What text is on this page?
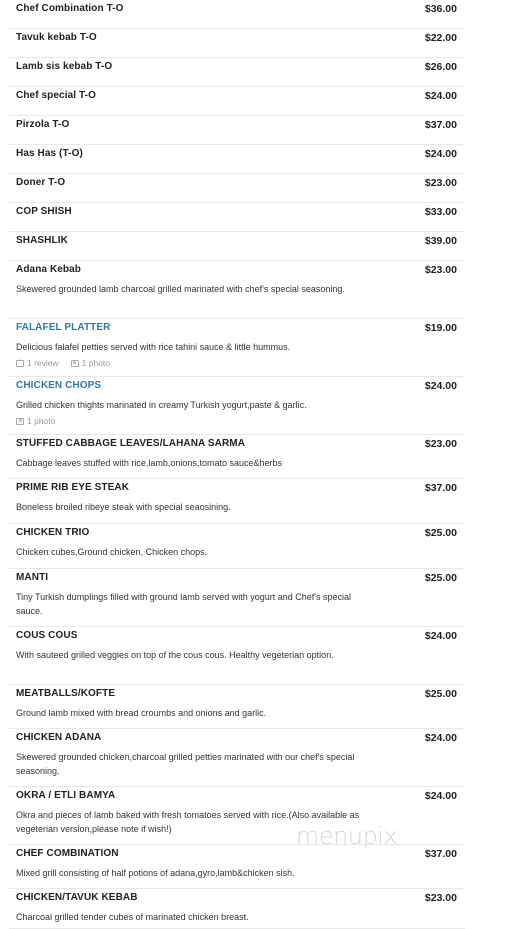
Chef Combination T-O	$36.00
Tavuk kebab T-O	$22.00
Lamb sis kebab T-O	$26.00
Chef special T-O	$24.00
Pirzola T-O	$37.00
Has Has (T-O)	$24.00
Doner T-O	$23.00
COP SHISH	$33.00
SHASHLIK	$39.00
Adana Kebab	$23.00
Skewered grounded lamb charcoal grilled marinated with chef's special seasoning.
FALAFEL PLATTER	$19.00
Delicious falafel petties served with rice tahini sauce & little hummus.
+
1 review	1 photo
CHICKEN CHOPS	$24.00
Grilled chicken thights marinated in creamy Turkish yogurt,paste & garlic.
1 photo
STUFFED CABBAGE LEAVES/LAHANA SARMA	$23.00
Cabbage leaves stuffed with rice,lamb,onions,tomato sauce&herbs
PRIME RIB EYE STEAK	$37.00
Boneless broiled ribeye steak with special seaosining.
CHICKEN TRIO	$25.00
Chicken cubes,Ground chicken, Chicken chops.
MANTI	$25.00
Tiny Turkish dumplings filled with ground lamb served with yogurt and Chef's special sauce.
COUS COUS	$24.00
With sauteed grilled veggies on top of the cous cous. Healthy vegeterian option.
MEATBALLS/KOFTE	$25.00
Ground lamb mixed with bread croumbs and onions and garlic.
CHICKEN ADANA	$24.00
Skewered grounded chicken,charcoal grilled petties marinated with our chef's special seasoning.
OKRA / ETLI BAMYA	$24.00
Okra and pieces of lamb baked with fresh tomatoes served with rice.(Also available as vegeterian version,please note if wish!)
CHEF COMBINATION	$37.00
Mixed grill consisting of half potions of adana,gyro,lamb&chicken sish.
CHICKEN/TAVUK KEBAB	$23.00
Charcoal grilled tender cubes of marinated chicken breast.
menupix
